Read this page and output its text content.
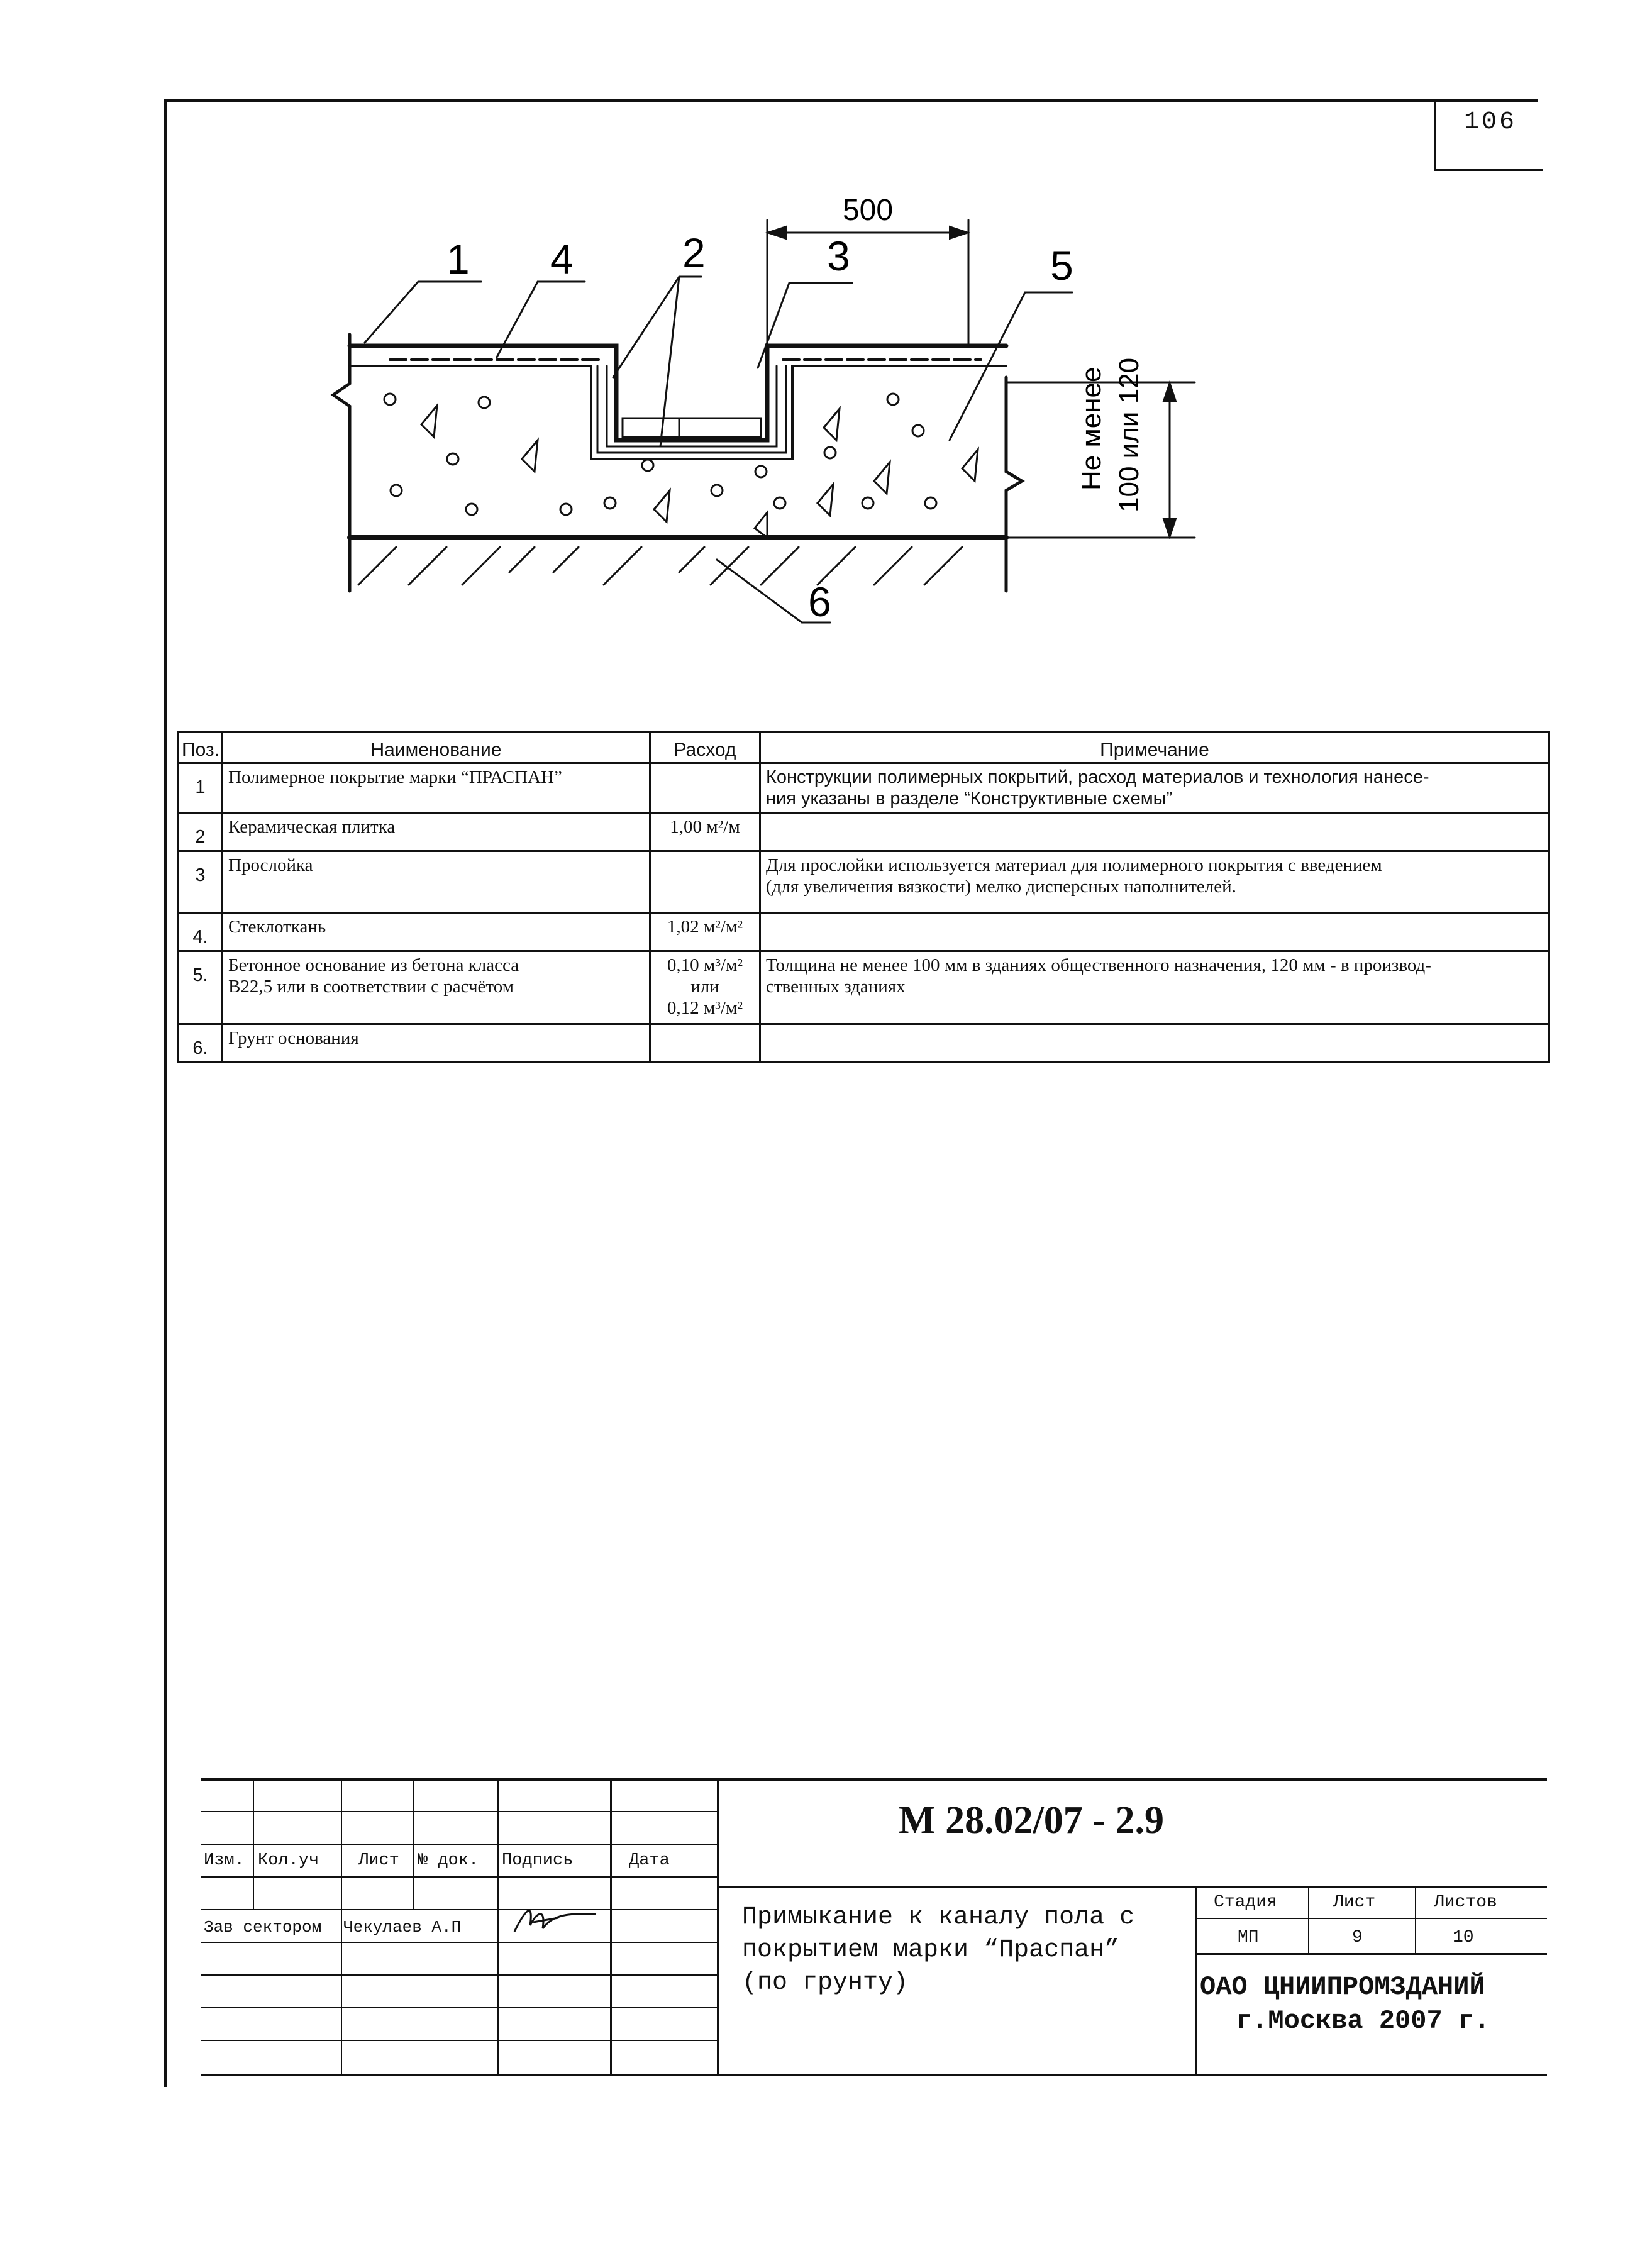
106
500
Не менее 100 или 120
1 4	2	3	5
6
Поз.	Наименование	Расход	Примечание
1	Полимерное покрытие марки “ПРАСПАН”		Конструкции полимерных покрытий, расход материалов и технология нанесе-
ния указаны в разделе “Конструктивные схемы”
2	Керамическая плитка	1,00 м²/м	
3	Прослойка		Для прослойки используется материал для полимерного покрытия с введением
(для увеличения вязкости) мелко дисперсных наполнителей.
4.	Стеклоткань	1,02 м²/м²	
5.	Бетонное основание из бетона класса
В22,5 или в соответствии с расчётом	0,10 м³/м²
или
0,12 м³/м²	Толщина не менее 100 мм в зданиях общественного назначения, 120 мм - в производ-
ственных зданиях
6.	Грунт основания		
Изм. Кол.уч Лист № док. Подпись	Дата
Зав сектором Чекулаев А.П
Стадия	Лист	Листов
МП	9	10
М 28.02/07 - 2.9
Примыкание к каналу пола с
покрытием марки “Праспан”
(по грунту)	ОАО ЦНИИПРОМЗДАНИЙ
г.Москва 2007 г.
